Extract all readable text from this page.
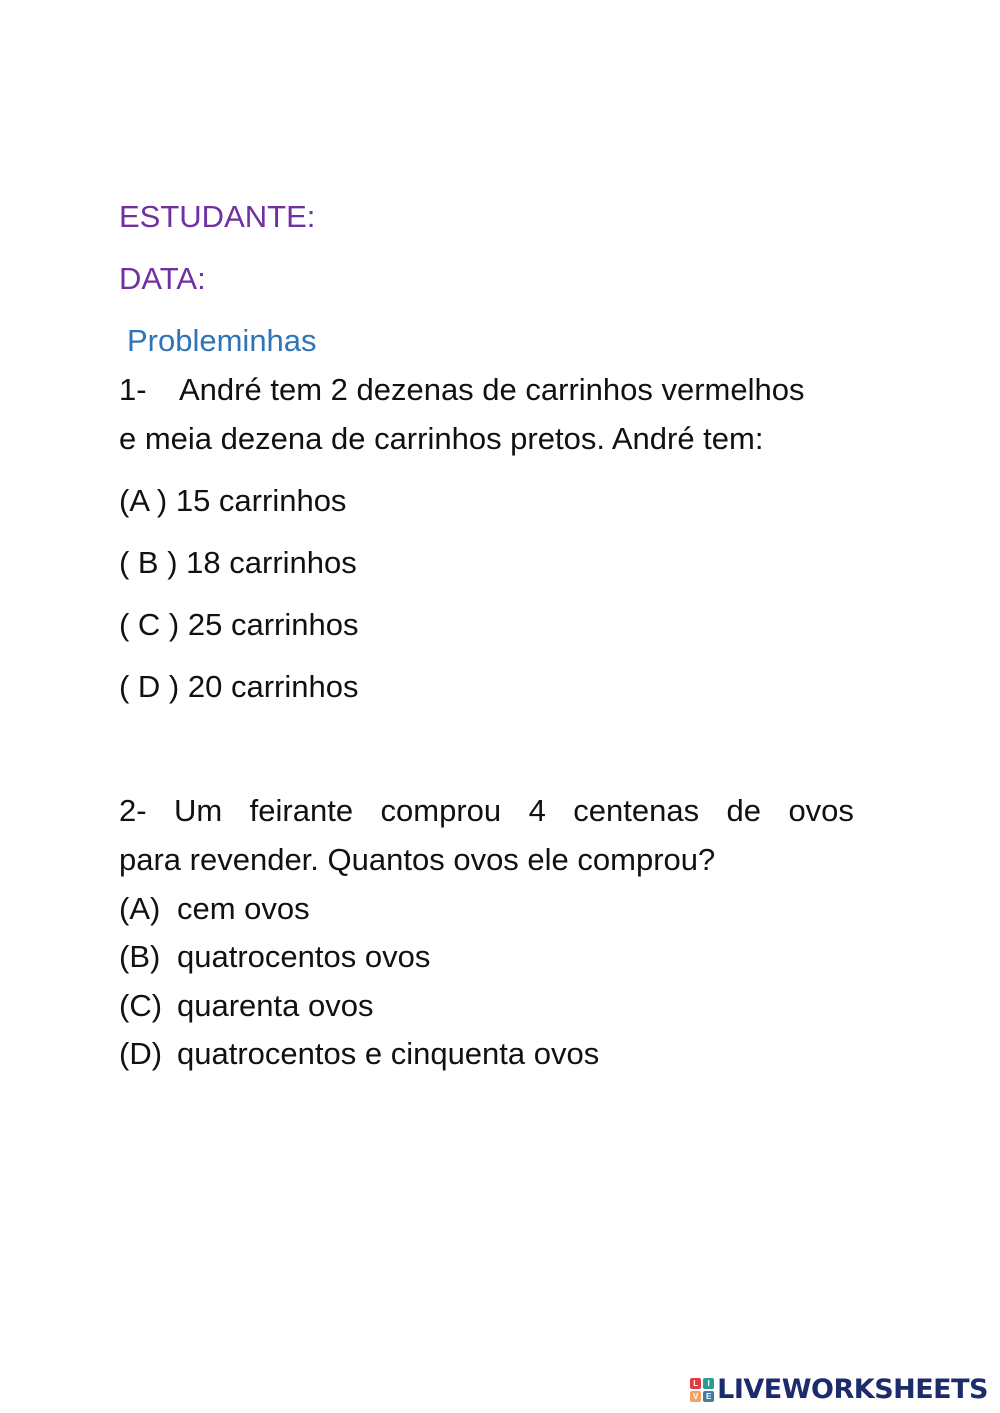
ESTUDANTE:
DATA:
Probleminhas
1- André tem 2 dezenas de carrinhos vermelhos
e meia dezena de carrinhos pretos. André tem:
(A ) 15 carrinhos
( B ) 18 carrinhos
( C ) 25 carrinhos
( D ) 20 carrinhos
2- Um feirante comprou 4 centenas de ovos
para revender. Quantos ovos ele comprou?
(A) cem ovos
(B) quatrocentos ovos
(C) quarenta ovos
(D) quatrocentos e cinquenta ovos
L	I
V E LIVEWORKSHEETS
